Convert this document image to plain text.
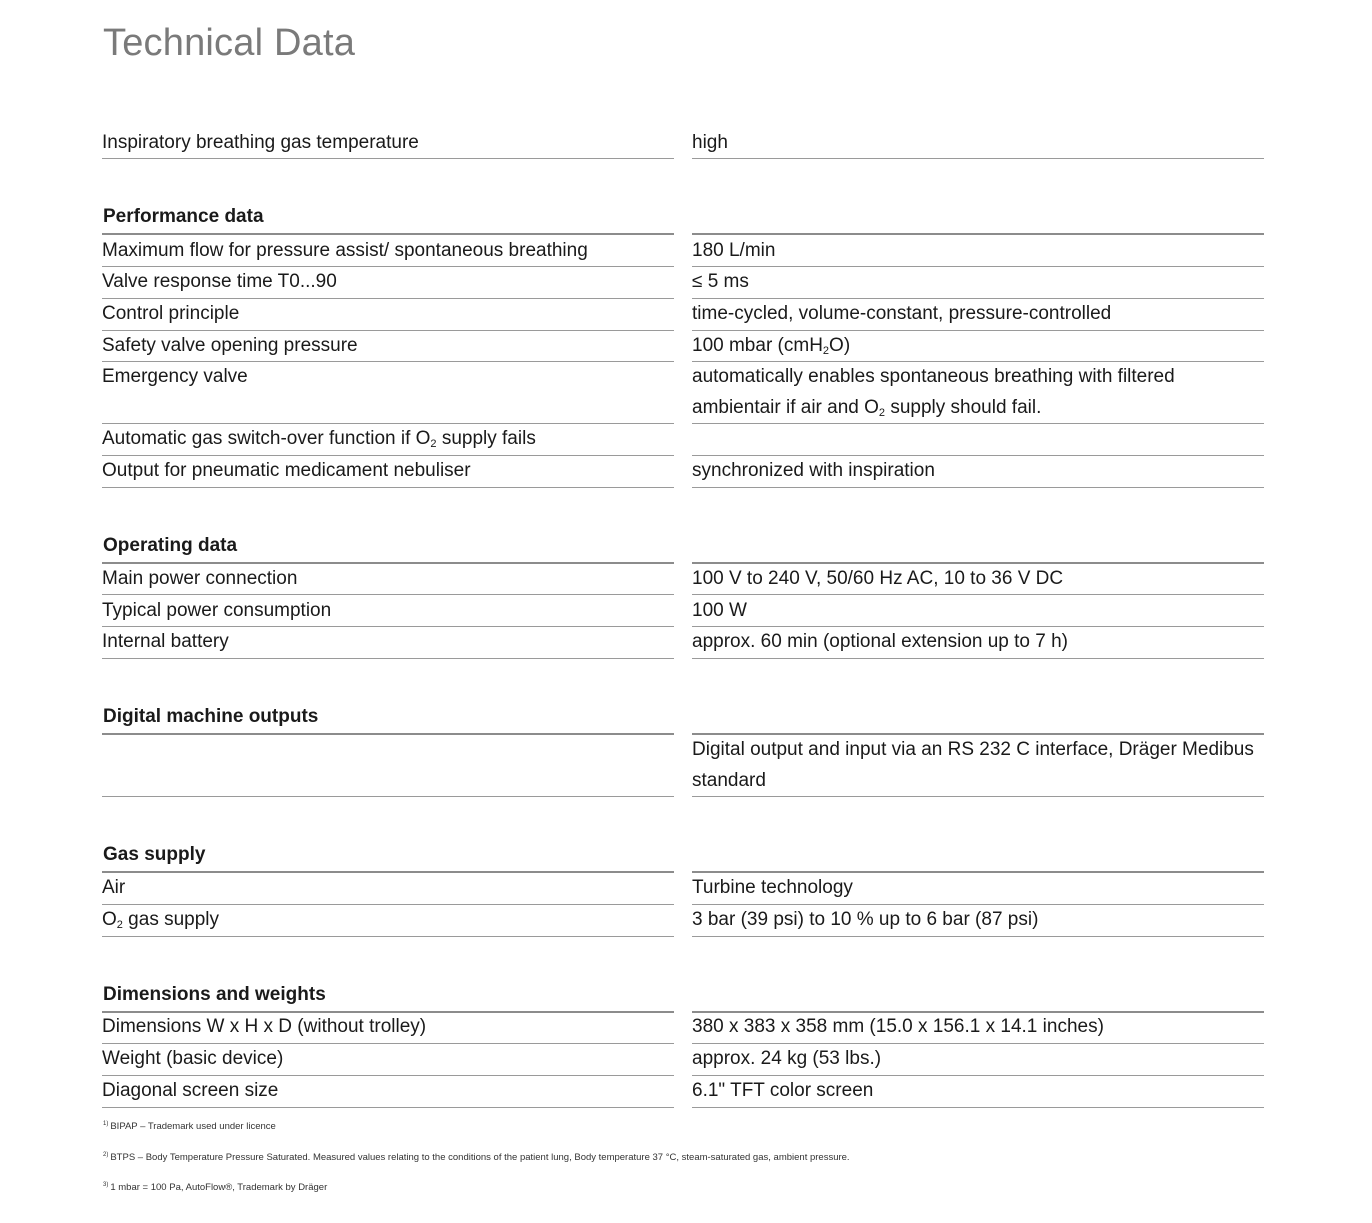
Technical Data
Inspiratory breathing gas temperature	high
Performance data
Maximum flow for pressure assist/ spontaneous breathing	180 L/min
Valve response time T0...90	≤ 5 ms
Control principle	time-cycled, volume-constant, pressure-controlled
Safety valve opening pressure	100 mbar (cmH$_2$O)
Emergency valve	automatically enables spontaneous breathing with filtered
ambientair if air and $O_2$ supply should fail.
Automatic gas switch-over function if $O_2$ supply fails
Output for pneumatic medicament nebuliser	synchronized with inspiration
Operating data
Main power connection	100 V to 240 V, 50/60 Hz AC, 10 to 36 V DC
Typical power consumption	100 W
Internal battery	approx. 60 min (optional extension up to 7 h)
Digital machine outputs
Digital output and input via an RS 232 C interface, Dräger Medibus
standard
Gas supply
Air	Turbine technology
$O_2$ gas supply	3 bar (39 psi) to 10 % up to 6 bar (87 psi)
Dimensions and weights
Dimensions W x H x D (without trolley)	380 x 383 x 358 mm (15.0 x 156.1 x 14.1 inches)
Weight (basic device)	approx. 24 kg (53 lbs.)
Diagonal screen size	6.1" TFT color screen
$^{1)}$ BIPAP – Trademark used under licence
$^{2)}$ BTPS – Body Temperature Pressure Saturated. Measured values relating to the conditions of the patient lung, Body temperature 37 °C, steam-saturated gas, ambient pressure.
$^{3)}$ 1 mbar = 100 Pa, AutoFlow®, Trademark by Dräger
